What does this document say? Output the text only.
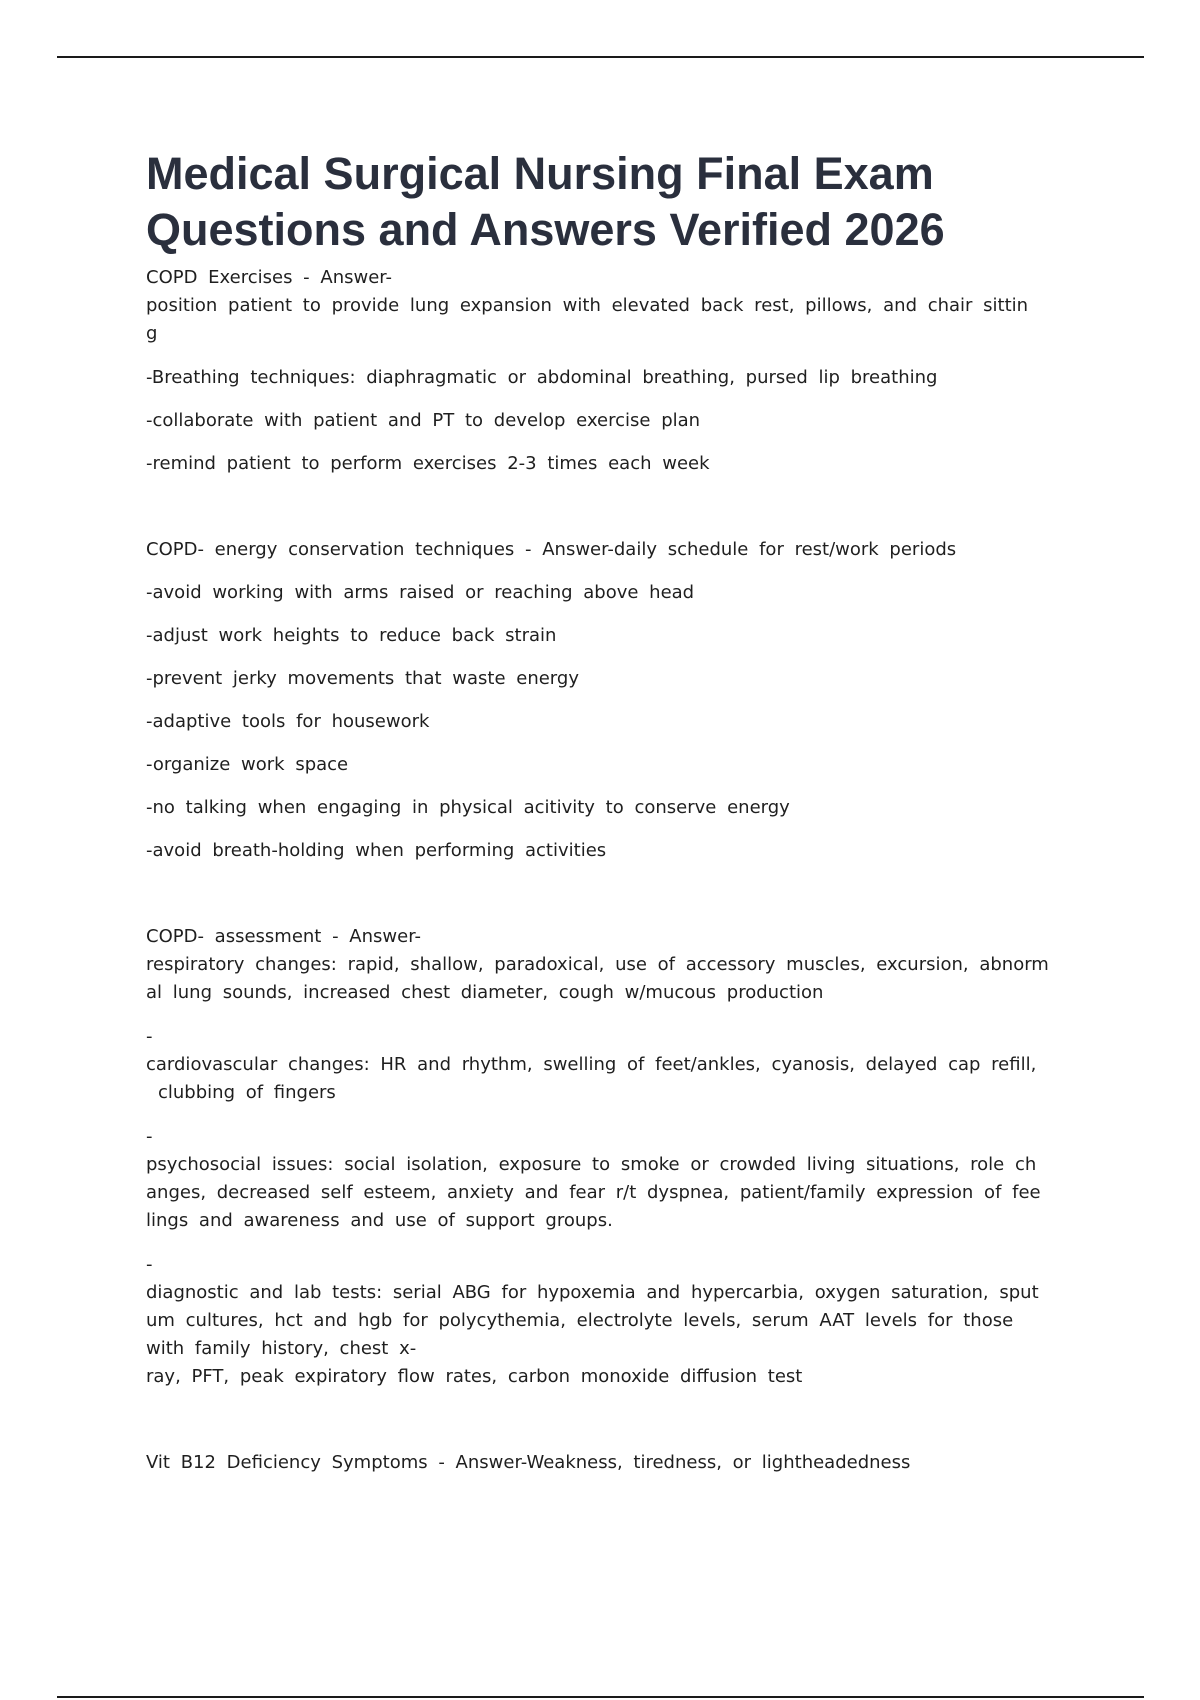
Medical Surgical Nursing Final Exam
Questions and Answers Verified 2026
COPD Exercises - Answer-
position patient to provide lung expansion with elevated back rest, pillows, and chair sittin
g
-Breathing techniques: diaphragmatic or abdominal breathing, pursed lip breathing
-collaborate with patient and PT to develop exercise plan
-remind patient to perform exercises 2-3 times each week
COPD- energy conservation techniques - Answer-daily schedule for rest/work periods
-avoid working with arms raised or reaching above head
-adjust work heights to reduce back strain
-prevent jerky movements that waste energy
-adaptive tools for housework
-organize work space
-no talking when engaging in physical acitivity to conserve energy
-avoid breath-holding when performing activities
COPD- assessment - Answer-
respiratory changes: rapid, shallow, paradoxical, use of accessory muscles, excursion, abnorm
al lung sounds, increased chest diameter, cough w/mucous production
-
cardiovascular changes: HR and rhythm, swelling of feet/ankles, cyanosis, delayed cap refill,
clubbing of fingers
-
psychosocial issues: social isolation, exposure to smoke or crowded living situations, role ch
anges, decreased self esteem, anxiety and fear r/t dyspnea, patient/family expression of fee
lings and awareness and use of support groups.
-
diagnostic and lab tests: serial ABG for hypoxemia and hypercarbia, oxygen saturation, sput
um cultures, hct and hgb for polycythemia, electrolyte levels, serum AAT levels for those
with family history, chest x-
ray, PFT, peak expiratory flow rates, carbon monoxide diffusion test
Vit B12 Deficiency Symptoms - Answer-Weakness, tiredness, or lightheadedness
